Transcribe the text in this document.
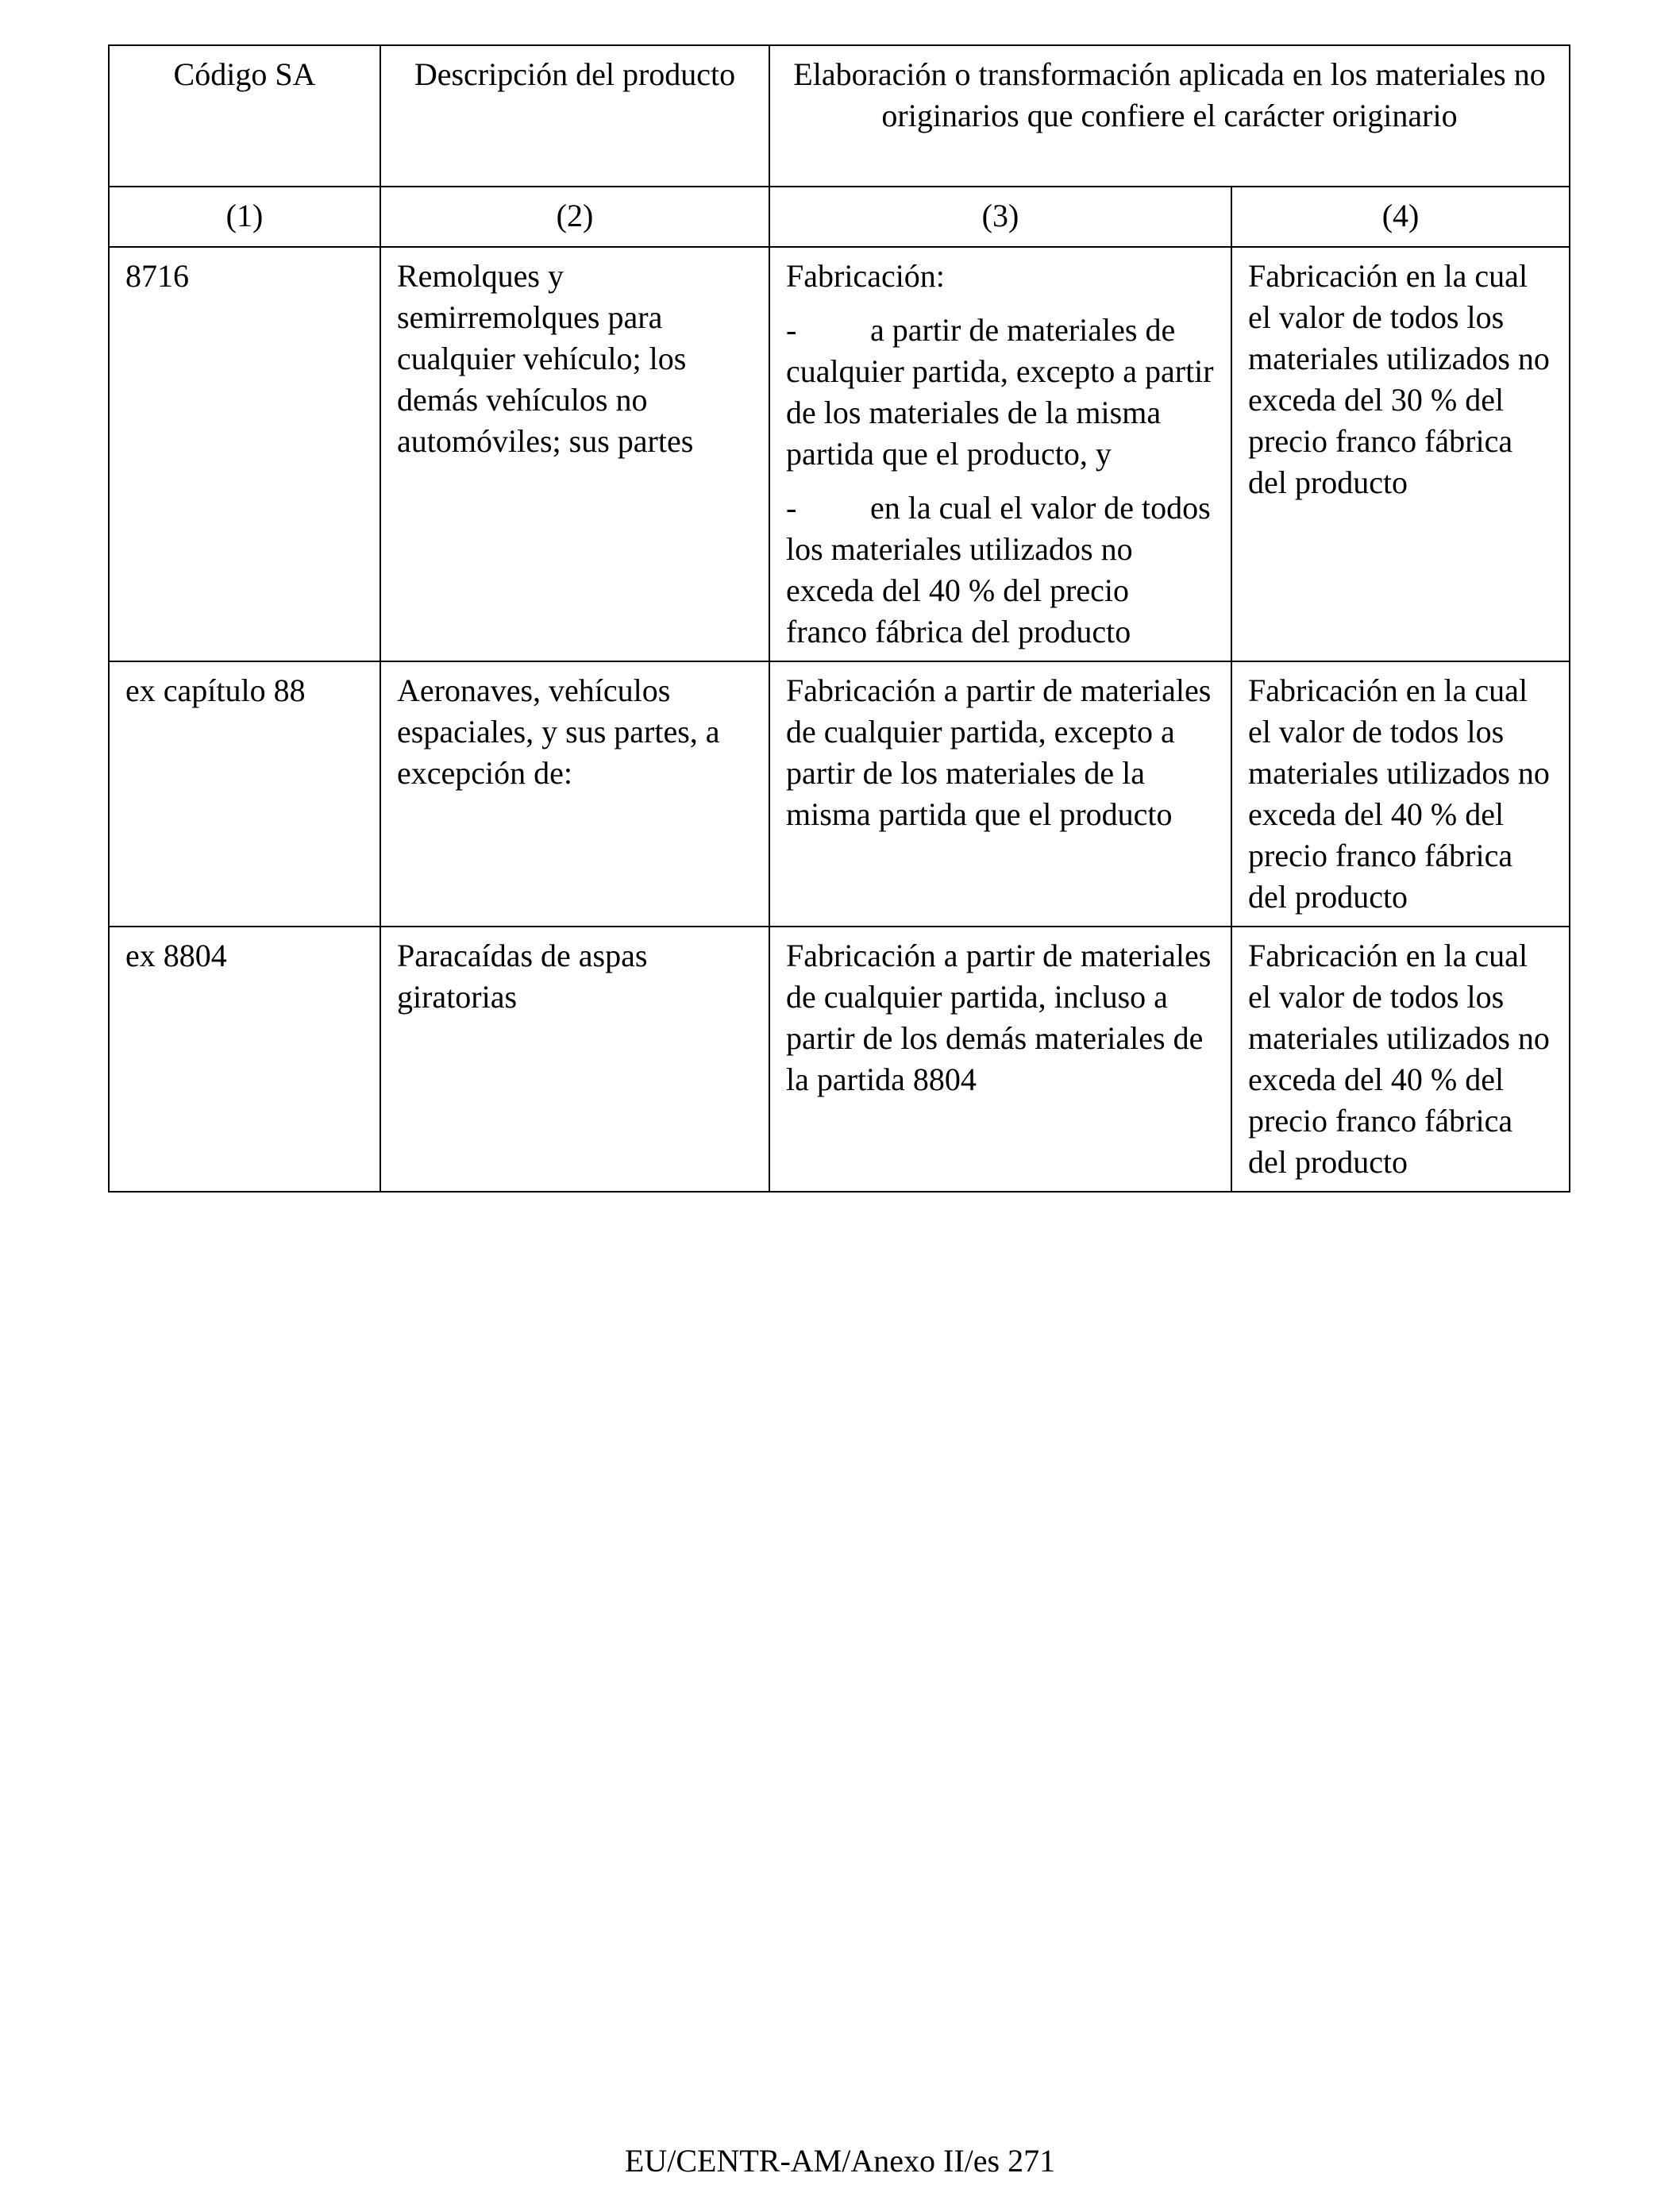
Código SA	Descripción del producto	Elaboración o transformación aplicada en los materiales no originarios que confiere el carácter originario	
(1)	(2)	(3)	(4)
8716	Remolques y semirremolques para cualquier vehículo; los demás vehículos no automóviles; sus partes	Fabricación:
- a partir de materiales de cualquier partida, excepto a partir de los materiales de la misma partida que el producto, y
- en la cual el valor de todos los materiales utilizados no exceda del 40 % del precio franco fábrica del producto	Fabricación en la cual el valor de todos los materiales utilizados no exceda del 30 % del precio franco fábrica del producto
ex capítulo 88	Aeronaves, vehículos espaciales, y sus partes, a excepción de:	Fabricación a partir de materiales de cualquier partida, excepto a partir de los materiales de la misma partida que el producto	Fabricación en la cual el valor de todos los materiales utilizados no exceda del 40 % del precio franco fábrica del producto
ex 8804	Paracaídas de aspas giratorias	Fabricación a partir de materiales de cualquier partida, incluso a partir de los demás materiales de la partida 8804	Fabricación en la cual el valor de todos los materiales utilizados no exceda del 40 % del precio franco fábrica del producto
EU/CENTR-AM/Anexo II/es 271
